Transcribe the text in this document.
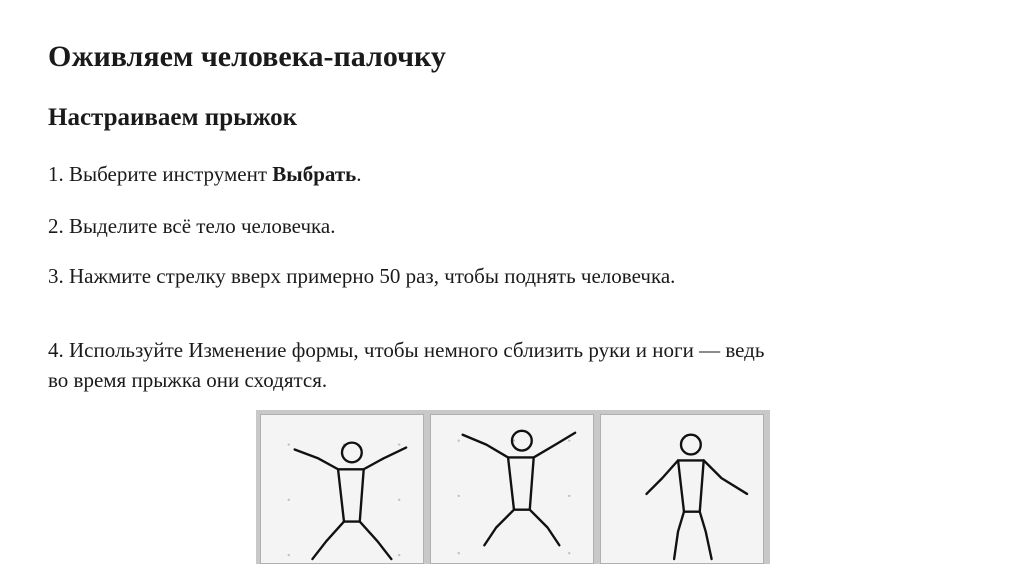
Оживляем человека-палочку
Настраиваем прыжок

1. Выберите инструмент Выбрать.

2. Выделите всё тело человечка.

3. Нажмите стрелку вверх примерно 50 раз, чтобы поднять человечка.

4. Используйте Изменение формы, чтобы немного сблизить руки и ноги — ведь во время прыжка они сходятся.
